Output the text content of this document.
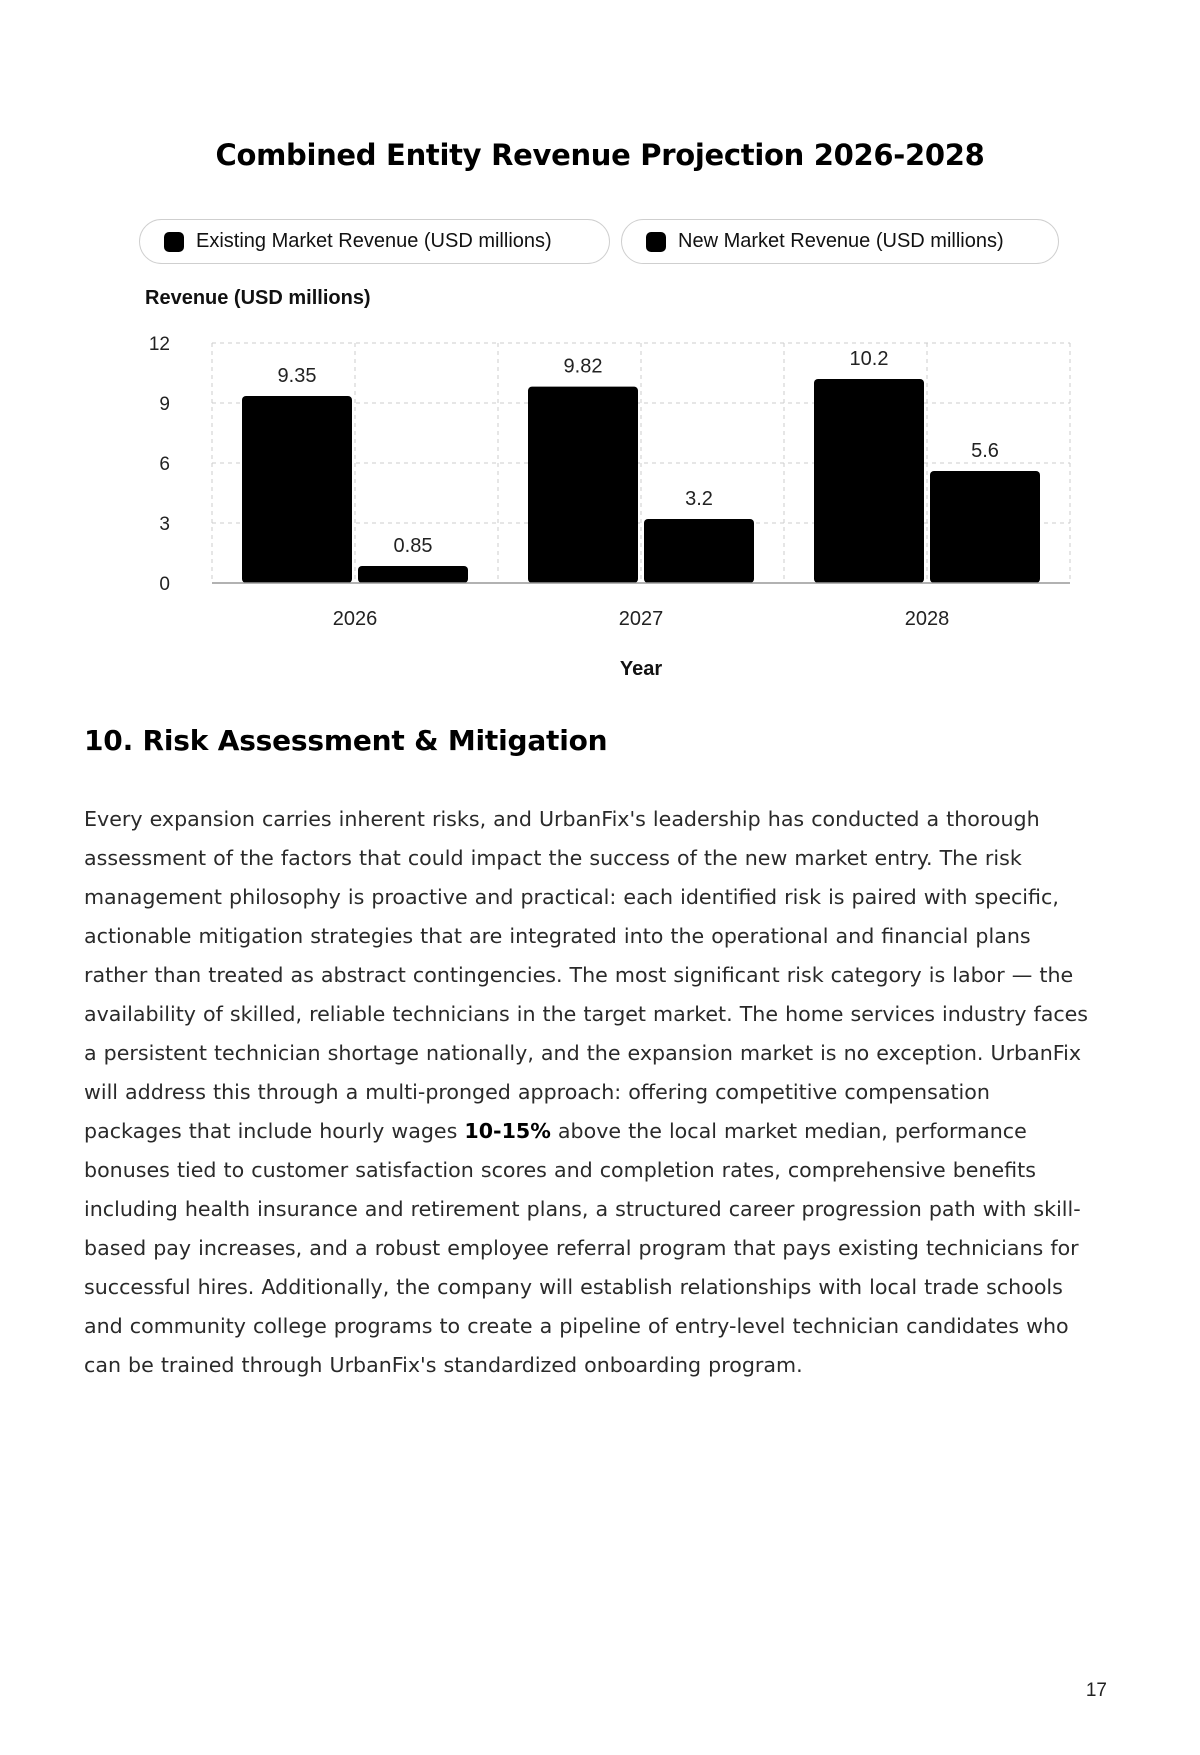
Combined Entity Revenue Projection 2026-2028
Existing Market Revenue (USD millions)	New Market Revenue (USD millions)
Revenue (USD millions)
0
3
6
9
12
9.35
0.85
2026
9.82
3.2
2027
10.2
5.6
2028
Year
10. Risk Assessment & Mitigation

Every expansion carries inherent risks, and UrbanFix's leadership has conducted a thorough assessment of the factors that could impact the success of the new market entry. The risk management philosophy is proactive and practical: each identified risk is paired with specific, actionable mitigation strategies that are integrated into the operational and financial plans rather than treated as abstract contingencies. The most significant risk category is labor — the availability of skilled, reliable technicians in the target market. The home services industry faces a persistent technician shortage nationally, and the expansion market is no exception. UrbanFix will address this through a multi-pronged approach: offering competitive compensation packages that include hourly wages 10-15% above the local market median, performance bonuses tied to customer satisfaction scores and completion rates, comprehensive benefits including health insurance and retirement plans, a structured career progression path with skill-based pay increases, and a robust employee referral program that pays existing technicians for successful hires. Additionally, the company will establish relationships with local trade schools and community college programs to create a pipeline of entry-level technician candidates who can be trained through UrbanFix's standardized onboarding program.

17
